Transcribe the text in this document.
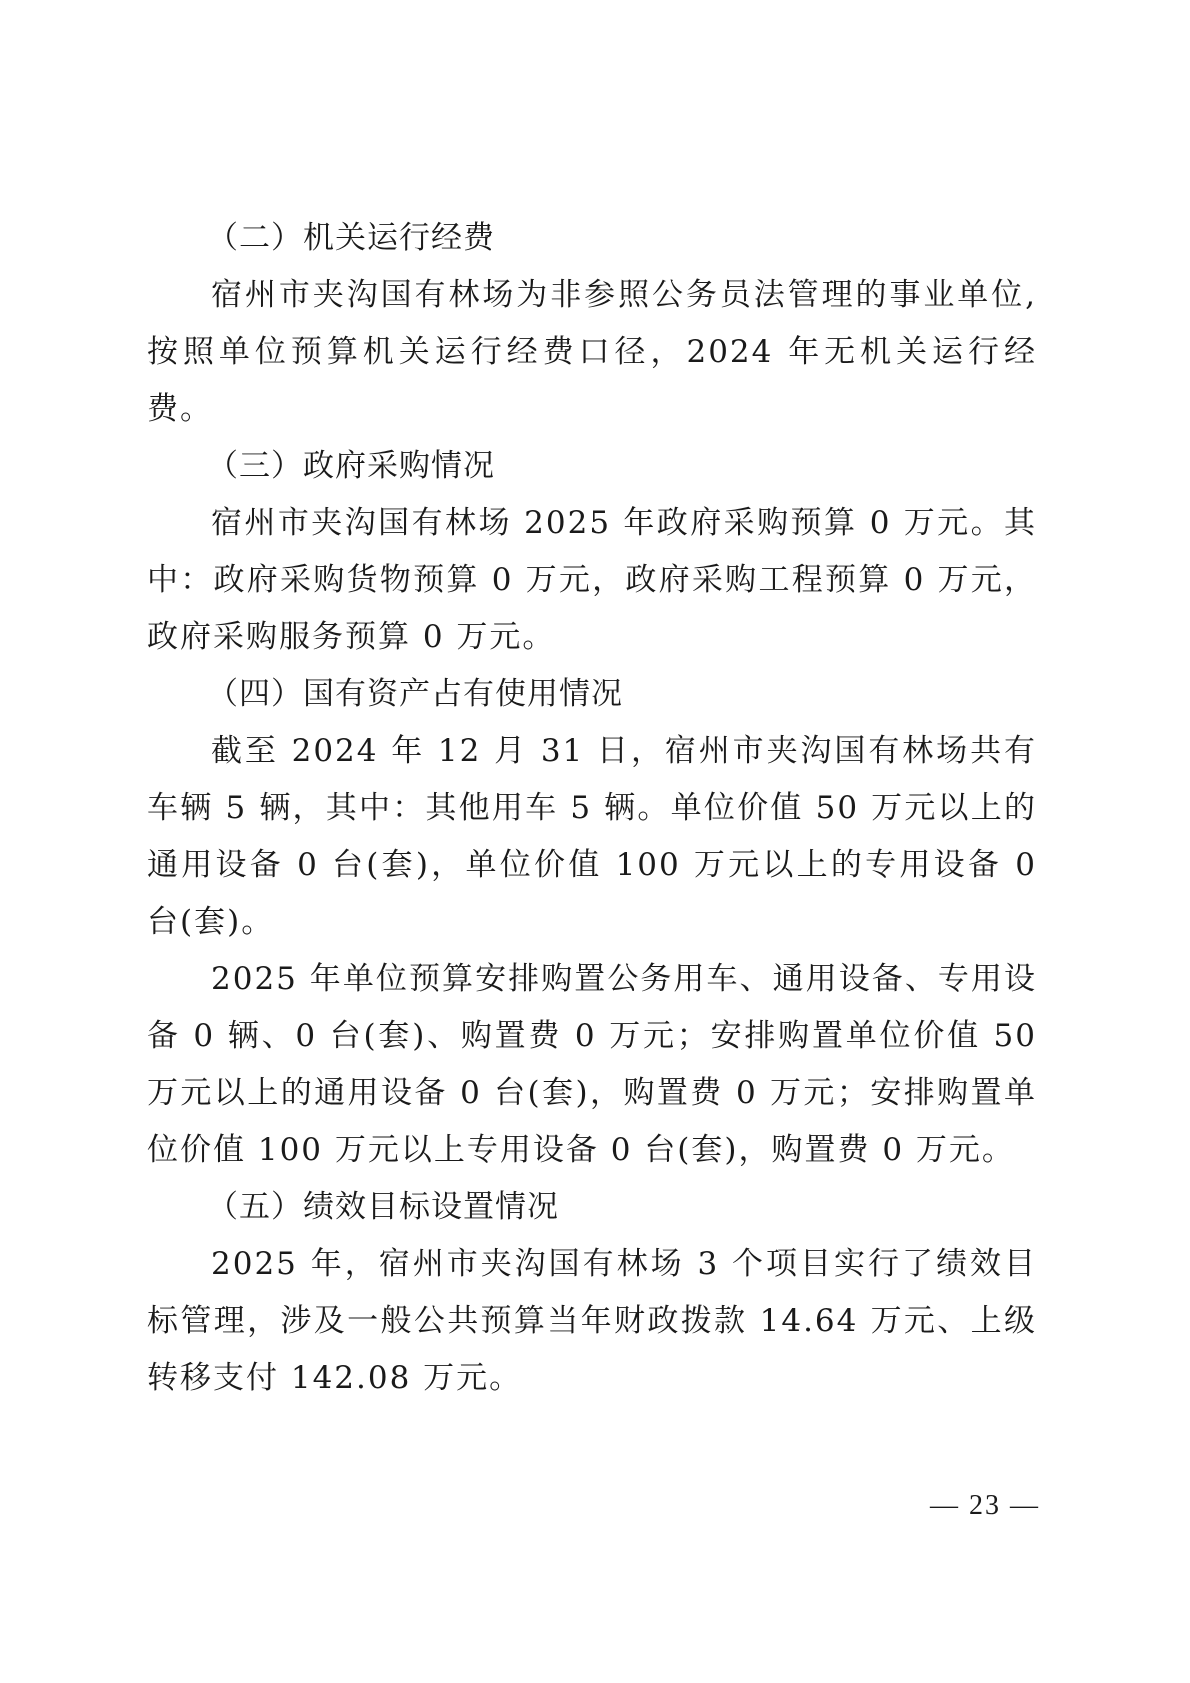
（二）机关运行经费

宿州市夹沟国有林场为非参照公务员法管理的事业单位,按照单位预算机关运行经费口径，2024 年无机关运行经费。

（三）政府采购情况

宿州市夹沟国有林场 2025 年政府采购预算 0 万元。其中：政府采购货物预算 0 万元，政府采购工程预算 0 万元，政府采购服务预算 0 万元。

（四）国有资产占有使用情况

截至 2024 年 12 月 31 日，宿州市夹沟国有林场共有车辆 5 辆，其中：其他用车 5 辆。单位价值 50 万元以上的通用设备 0 台(套)，单位价值 100 万元以上的专用设备 0 台(套)。

2025 年单位预算安排购置公务用车、通用设备、专用设备 0 辆、0 台(套)、购置费 0 万元；安排购置单位价值 50 万元以上的通用设备 0 台(套)，购置费 0 万元；安排购置单位价值 100 万元以上专用设备 0 台(套)，购置费 0 万元。

（五）绩效目标设置情况

2025 年，宿州市夹沟国有林场 3 个项目实行了绩效目标管理，涉及一般公共预算当年财政拨款 14.64 万元、上级转移支付 142.08 万元。

— 23 —
